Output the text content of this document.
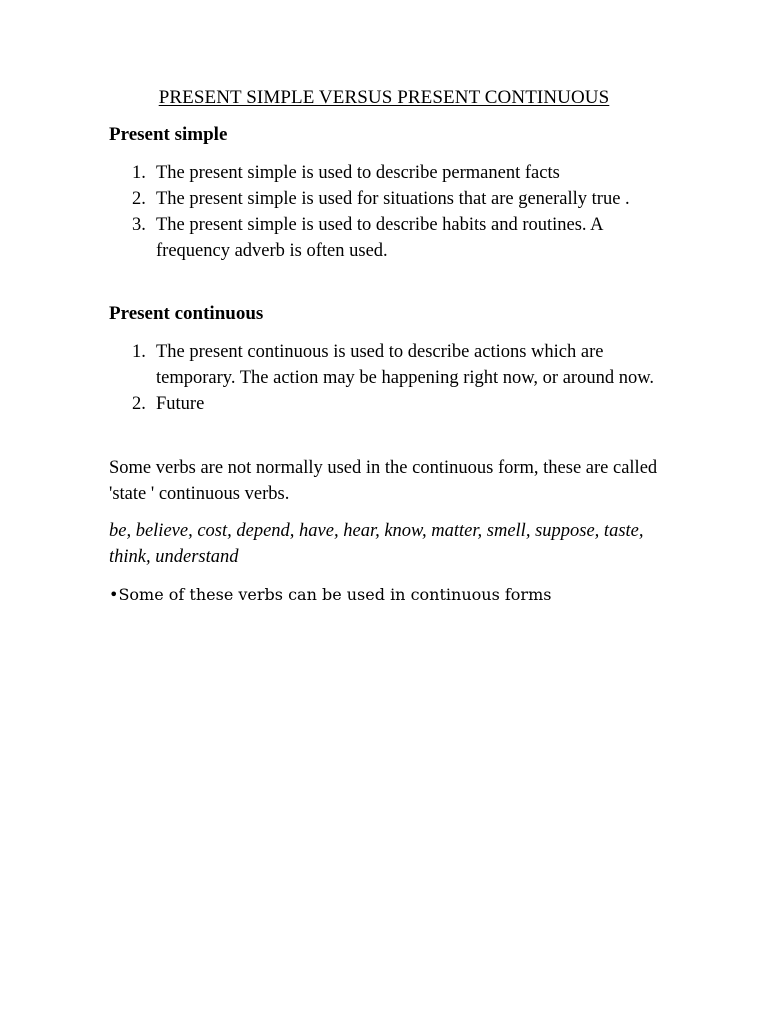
PRESENT SIMPLE VERSUS PRESENT CONTINUOUS
Present simple
1. The present simple is used to describe permanent facts
2. The present simple is used for situations that are generally true .
3. The present simple is used to describe habits and routines. A frequency adverb is often used.
Present continuous
1. The present continuous is used to describe actions which are temporary. The action may be happening right now, or around now.
2. Future
Some verbs are not normally used in the continuous form, these are called 'state ' continuous verbs.
be, believe, cost, depend, have, hear, know, matter, smell, suppose, taste, think, understand
•Some of these verbs can be used in continuous forms
